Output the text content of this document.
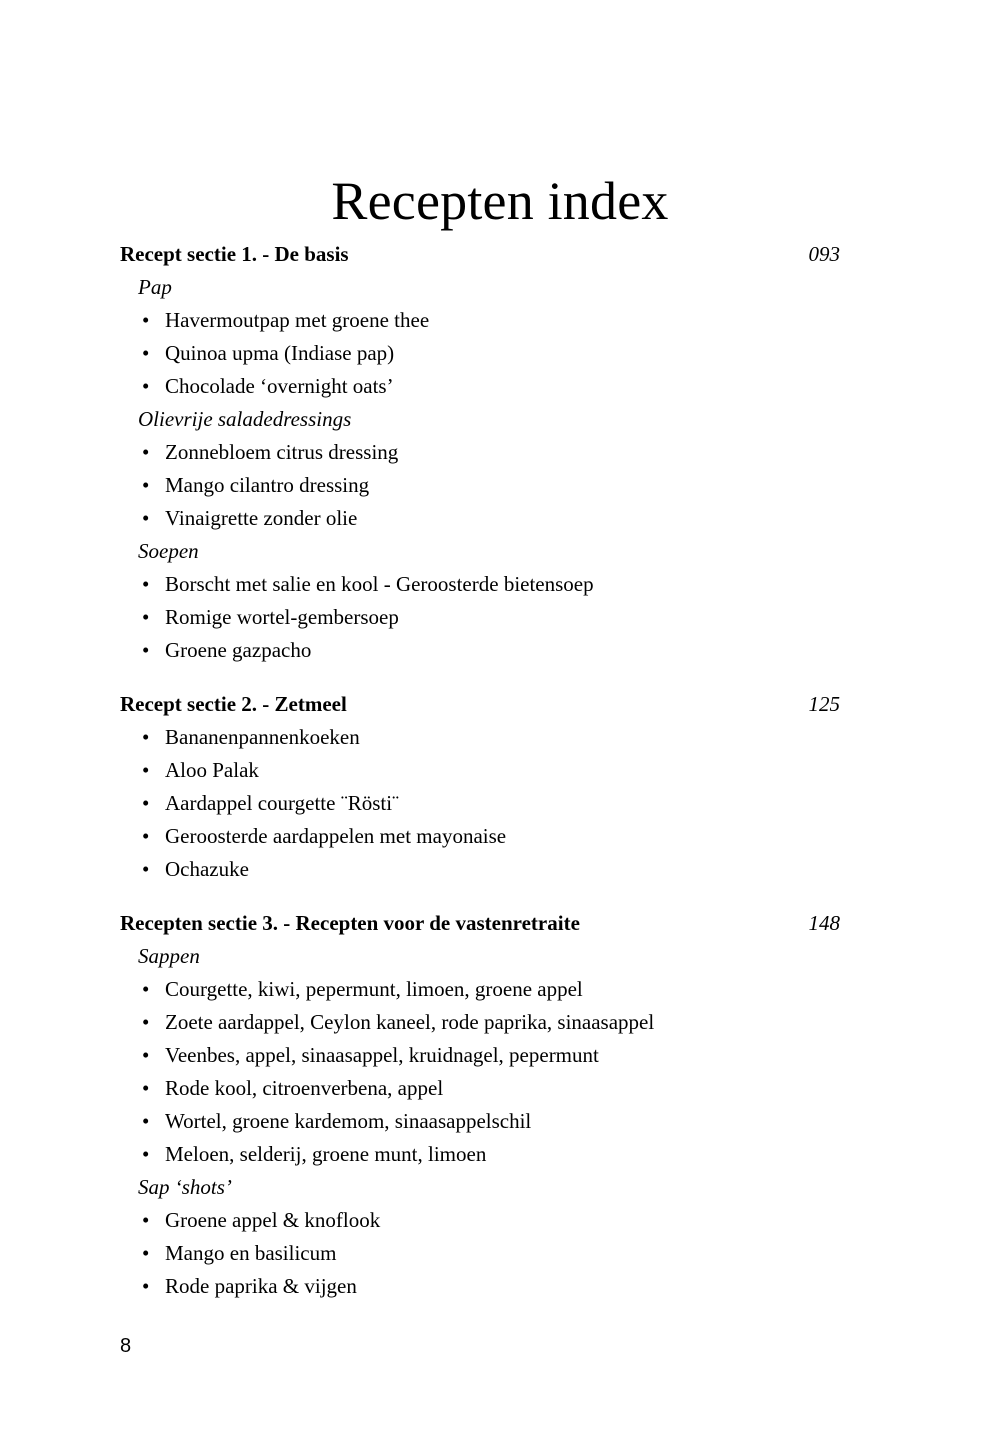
Recepten index
Recept sectie 1. - De basis	093
Pap
• Havermoutpap met groene thee
• Quinoa upma (Indiase pap)
• Chocolade ‘overnight oats’
Olievrije saladedressings
• Zonnebloem citrus dressing
• Mango cilantro dressing
• Vinaigrette zonder olie
Soepen
• Borscht met salie en kool - Geroosterde bietensoep
• Romige wortel-gembersoep
• Groene gazpacho
Recept sectie 2. - Zetmeel	125
• Bananenpannenkoeken
• Aloo Palak
• Aardappel courgette ¨Rösti¨
• Geroosterde aardappelen met mayonaise
• Ochazuke
Recepten sectie 3. - Recepten voor de vastenretraite	148
Sappen
• Courgette, kiwi, pepermunt, limoen, groene appel
• Zoete aardappel, Ceylon kaneel, rode paprika, sinaasappel
• Veenbes, appel, sinaasappel, kruidnagel, pepermunt
• Rode kool, citroenverbena, appel
• Wortel, groene kardemom, sinaasappelschil
• Meloen, selderij, groene munt, limoen
Sap ‘shots’
• Groene appel & knoflook
• Mango en basilicum
• Rode paprika & vijgen
8
